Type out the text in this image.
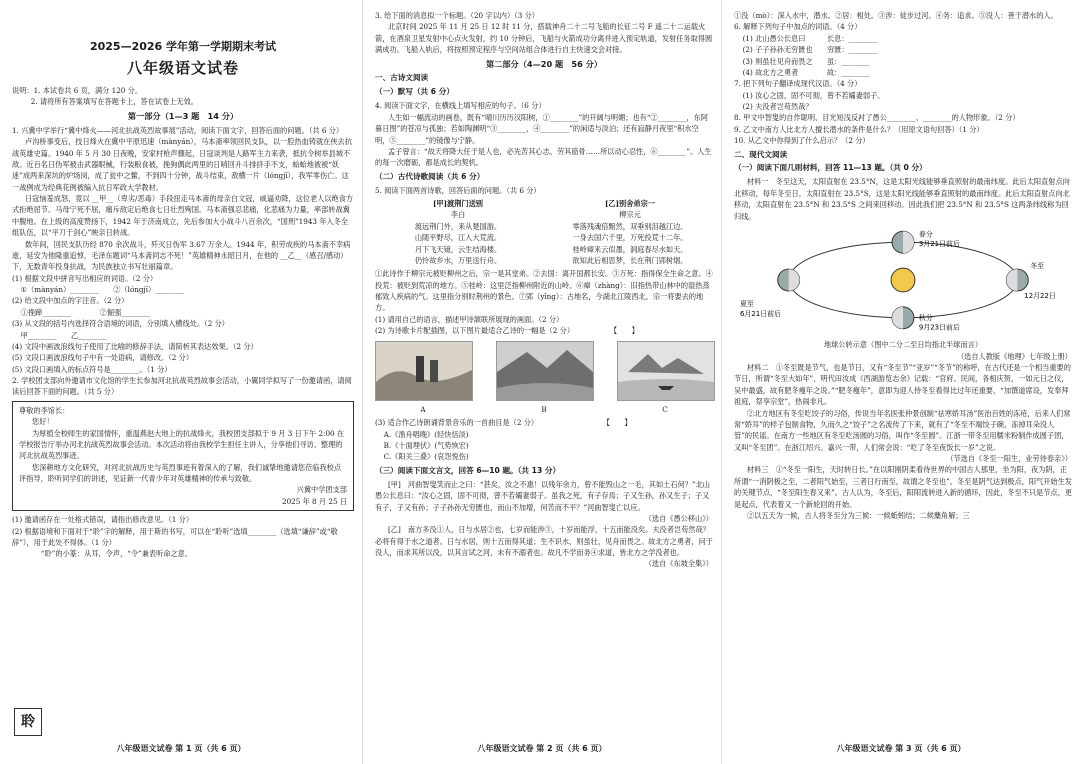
2025—2026 学年第一学期期末考试
八年级语文试卷

说明：1. 本试卷共 6 页，满分 120 分。

2. 请将所有答案填写在答题卡上，答在试卷上无效。

第一部分（1—3 题　14 分）

1. 兴冀中学举行“冀中烽火——河北抗战英烈故事展”活动，阅读下面文字，回答后面的问题。（共 6 分）

卢沟桥事变后，技日烽火在冀中平原迅速（mànyán），马本斋率领回民支队，以一腔热血铸就在侠去抗战英雄史篇。1940 年 5 月 30 日夜晚，安家村枪声骤起，日寇谈判是人路军主力来袭，抵抗令树举县城不敌。近百名日伪军被击武器眼械，行装粮食被，挽狗偶此两里的日哨回升斗排挤手不支，蛤蛤地被被“妖迷”成两来深坑的炉场岗，成了瓮中之鳖，不到四十分钟，战斗结束，敌横一片（lóngjī），我军零伤亡。这一战例成为经典花例被编入抗日军政大学教材。

日寇恼羞成怒，竟以 __甲__（卑劣/恶毒）手段扭走马本斋的母亲白文冠，威逼劝降，这位老人以绝食方式拒绝屈节。马母宁死不屈，痛斥敌定后绝食七日壮烈殉国。马本斋强忍悲痛，化悲痛为力量，率部转战冀中腹地。在上级的高度赞扬下，1942 年于济南成立，先后参加大小战斗八百余次，“国刑”1943 年入冬全组队伍，以“平刀于剑心”映亲日转战。

数年间，回民支队历经 870 余次战斗，歼灭日伪军 3.67 万余人。1944 年，积劳成疾的马本斋不幸病逝，延安为他隆重追悼，毛泽东题词“马本斋同志不死！”英雄精神永昭日月，在他的 __乙__（感召/感动）下，无数青年投身抗战，为民族独立书写壮丽篇章。

(1) 根据文段中拼音写出相应的词语。（2 分）

①（mànyán）________　　②（lóngjī）________

(2) 给文段中加点的字注音。（2 分）

①挽蹄________　　　　②倔强________

(3) 从文段的括号内选择符合语境的词语，分别填入横线处。（2 分）

甲________　　乙________

(4) 文段中画波浪线句子使用了比喻的修辞手法，请简析其表达效果。（2 分）

(5) 文段口画波浪线句子中有一处语病，请修改。（2 分）

(5) 文段口画填入的标点符号是________。（1 分）

2. 学校团支部向外邀请市文化馆的学生长参加河北抗战英烈故事会活动，小翼同学拟写了一份邀请函，请阅读后回答下面的问题。（共 5 分）

尊敬的李馆长：

您好！

为厚植全校师生的家国情怀，重温燕赵大地上的抗战烽火，我校团支部拟于 9 月 3 日下午 2:00 在学校报告厅举办河北抗战英烈故事会活动。本次活动将由我校学生担任主讲人，分享他们寻访、整理的河北抗战英烈事迹。

您深耕地方文化研究，对河北抗战历史与英烈事迹有着深入的了解，我们诚挚地邀请您莅临我校点评指导，聆听同学们的讲述，见证新一代青少年对英雄精神的传承与致敬。

兴冀中学团支部

2025 年 8 月 25 日

(1) 邀请函存在一处格式错误，请指出修改意见。（1 分）

(2) 根据语境和下面对于“聆”字的解释，用于斯的书写，可以在“聆听”选填________（选填“谦辞”或“敬辞”），用于此处不得体。（1 分）

“聆”的小篆：从耳，令声，“令”兼表听命之意。

聆
八年级语文试卷 第 1 页（共 6 页）

3. 给下面的消息拟一个标题。（20 字以内）（3 分）

北京时间 2025 年 11 月 25 日 12 时 11 分，搭载神舟二十二号飞船的长征二号 F 遥二十二运载火箭，在酒泉卫星发射中心点火发射，约 10 分钟后，飞船与火箭成功分离并进入预定轨道，发射任务取得圆满成功。飞船入轨后，将按照预定程序与空间站组合体进行自主快速交会对接。

第二部分（4—20 题　56 分）
一、古诗文阅读
（一）默写（共 6 分）

4. 阅读下面文字，在横线上填写相应的句子。（6 分）

人生如一幅流动的画卷，既有“晴川历历汉阳树，①________”的开阔与明媚；也有“②________，东阿暮日图”的苍凉与孤独；若如陶渊明“③________，④________”的闲适与淡泊；还有寂静月夜里“积水空明，⑤________”的镜像与宁静。

孟子曾言：“故天将降大任于是人也，必先苦其心志，劳其筋骨……所以动心忍性，⑥________”。人生的每一次磨砺，都是成长的契机。

（二）古代诗歌阅读（共 6 分）

5. 阅读下面两首诗歌，回答后面的问题。（共 6 分）

[甲]渡荆门送别
李白
渡远荆门外，来从楚国游。
山随平野尽，江入大荒流。
月下飞天镜，云生结海楼。
仍怜故乡水，万里送行舟。
[乙]别舍弟宗一
柳宗元
零落残魂倍黯然，双垂别泪越江边。
一身去国六千里，万死投荒十二年。
桂岭瘴来云似墨，洞庭春尽水如天。
欲知此后相思梦，长在荆门郢树烟。

①此诗作于柳宗元被贬柳州之后，宗一是其堂弟。②去国：离开国都长安。③万死：指得保全生命之意。④投荒：被贬到荒凉的地方。⑤桂岭：这里泛指柳州附近的山岭。⑥瘴（zhàng）：旧指热带山林中的湿热蒸郁致人疾病的气。这里指分别时荆州的景色。⑦郢（yǐng）：古地名，今湖北江陵西北，宗一将要去的地方。

(1) 请用自己的语言，描述甲诗颔联所展现的画面。（2 分）

(2) 为诗歌卡片配插图，以下图片最适合乙诗的一幅是（2 分）　　　　　　【　　】

A	B	C

(3) 适合作乙诗朗诵背景音乐的一首曲目是（2 分）　　　　　　　　　　【　　】

A.《渔舟唱晚》(轻快恬淡)

B.《十面埋伏》(气势恢宏)

C.《阳关三叠》(哀怨悦伤)

（三）阅读下面文言文，回答 6—10 题。（共 13 分）

[甲]　河曲智叟笑而止之曰：“甚矣，汝之不惠！以残年余力，曾不能毁山之一毛，其如土石何？”北山愚公长息曰：“汝心之固，固不可彻，曾不若孀妻弱子。虽我之死，有子存焉；子又生孙，孙又生子；子又有子，子又有孙；子子孙孙无穷匮也，而山不加增，何苦而不平？”河曲智叟亡以应。

（选自《愚公移山》）

[乙]　南方多没①人，日与水居②也，七岁而能涉③，十岁而能浮，十五而能没矣。夫没者岂苟然哉？必将有得于水之道者。日与水居，则十五而得其道；生不识水，则虽壮，见舟而畏之。故北方之勇者，问于没人，而求其所以没，以其言试之河，未有不溺者也。故凡不学而务④求道，皆北方之学没者也。

（选自《东坡全集》）

八年级语文试卷 第 2 页（共 6 页）

①没（mò）：深入水中，潜水。②居：相处。③涉：徒步过河。④务：追求。⑤没人：善于潜水的人。

6. 解释下列句子中加点的词语。（4 分）

(1) 北山愚公长息曰　　　长息：________

(2) 子子孙孙无穷匮也　　穷匮：________

(3) 则虽壮见舟而畏之　　虽：________

(4) 故北方之勇者　　　　故：________

7. 把下列句子翻译成现代汉语。（4 分）

(1) 汝心之固，固不可彻，曾不若孀妻弱子。

(2) 夫没者岂苟然哉？

8. 甲文中智叟的自作聪明、目光短浅反衬了愚公________、________的人物形象。（2 分）

9. 乙文中南方人比北方人擅长潜水的条件是什么？（用原文语句回答）（1 分）

10. 从乙文中你得到了什么启示？（2 分）

二、现代文阅读
（一）阅读下面几则材料，回答 11—13 题。（共 0 分）

材料一　冬至这天，太阳直射在 23.5°N，这是太阳光线能够垂直照射的最南纬度。此后太阳直射点向北移动，每年冬至日，太阳直射在 23.5°S，这是太阳光线能够垂直照射的最南纬度。此后太阳直射点向北移动，太阳直射在 23.5°N 和 23.5°S 之间来回移动。因此我们把 23.5°N 和 23.5°S 这两条纬线称为回归线。

春分
3月21日前后
冬至
12月22日
秋分
9月23日前后
夏至
6月21日前后

地球公转示意（图中二分二至日均指北半球而言）

（选自人教版《地理》七年级上册）

材料二　①冬至既是节气，也是节日，又有“冬至节”“亚岁”“冬节”的称呼，在古代还是一个相当重要的节日，所谓“冬至大如年”，明代田汝成《西湖游览志余》记载：“官府、民间，各相庆贺，一如元日之仪，吴中最盛，故有肥冬瘦年之说。”“肥冬瘦年”，意即为迎人侍冬至看得比过年还重要，“加馔道席设，发奉拜祖庭，祭享宗堂”，热闹非凡。

②北方地区有冬至吃饺子的习俗，传说当年名医张仲景创制“祛寒娇耳汤”医治百姓的冻疮，后来人们常常“娇耳”的样子包制食物，久而久之“饺子”之名流传了下来，就有了“冬至不端饺子碗，冻掉耳朵没人管”的民谣。在南方一些地区有冬至吃汤圆的习俗，叫作“冬至圆”。江浙一带冬至用糯米粉制作成圆子团，又叫“冬至团”。在浙江绍兴、嘉兴一带，人们常会说：“吃了冬至夜饭长一岁”之说。

（节选自《冬至一阳生，业劳待春亲》）

材料三　①“冬至一阳生，天时转日长。”在以阳刚阴柔看待世界的中国古人那里，坐为阳，夜为阴，正所谓“一消阴极之至，二者阳气始至，三者日行南至，故谓之冬至也”。冬至是阴气达到极点，阳气开始生发的关键节点，“冬至阳生春又来”。古人认为，冬至后，阳阳流转进入新的循环，因此，冬至不只是节点，更是起点，代表着又一个新轮回的开始。

②以五天为一候，古人将冬至分为三候：一候蚯蚓结；二候麋角解；三

八年级语文试卷 第 3 页（共 6 页）
